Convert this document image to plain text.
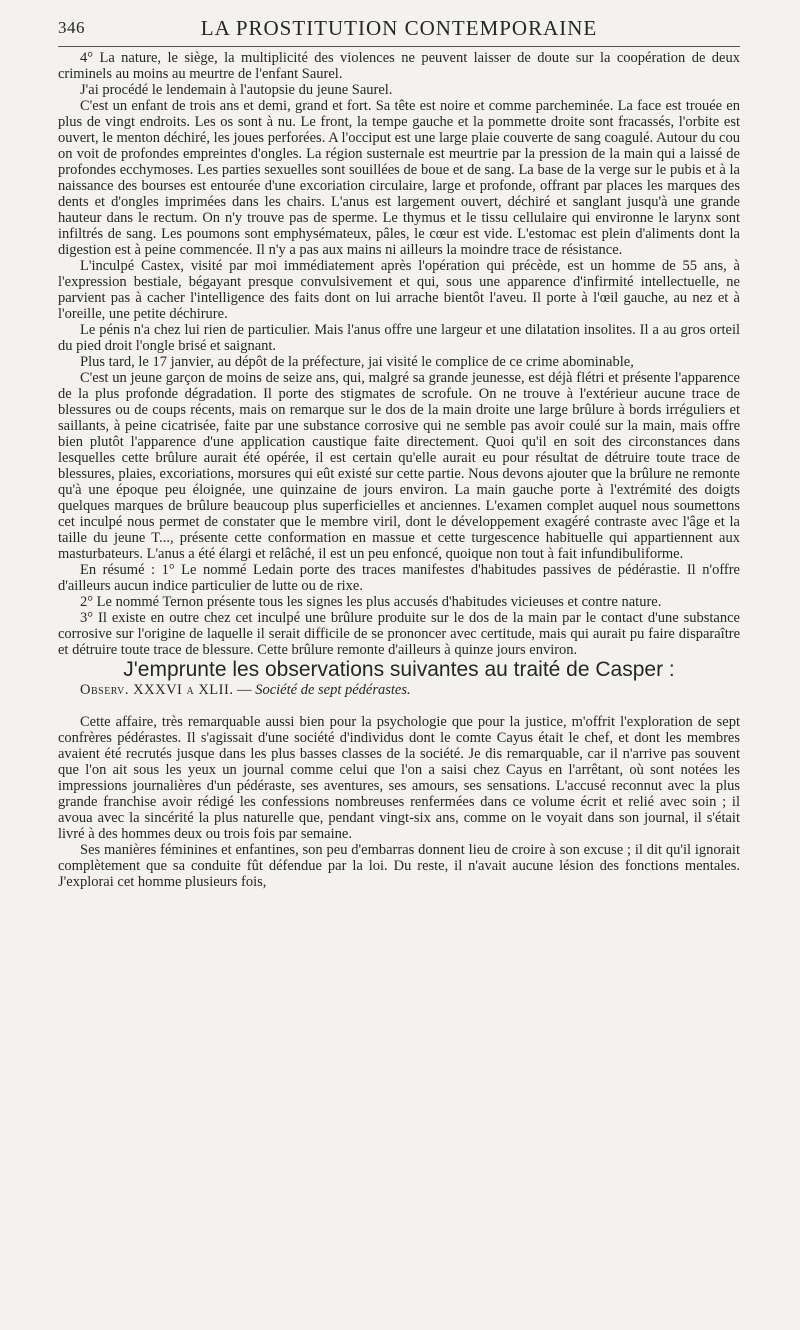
346	LA PROSTITUTION CONTEMPORAINE

4° La nature, le siège, la multiplicité des violences ne peuvent laisser de doute sur la coopération de deux criminels au moins au meurtre de l'enfant Saurel.

J'ai procédé le lendemain à l'autopsie du jeune Saurel.

C'est un enfant de trois ans et demi, grand et fort. Sa tête est noire et comme parcheminée. La face est trouée en plus de vingt endroits. Les os sont à nu. Le front, la tempe gauche et la pommette droite sont fracassés, l'orbite est ouvert, le menton déchiré, les joues perforées. A l'occiput est une large plaie couverte de sang coagulé. Autour du cou on voit de profondes empreintes d'ongles. La région susternale est meurtrie par la pression de la main qui a laissé de profondes ecchymoses. Les parties sexuelles sont souillées de boue et de sang. La base de la verge sur le pubis et à la naissance des bourses est entourée d'une excoriation circulaire, large et profonde, offrant par places les marques des dents et d'ongles imprimées dans les chairs. L'anus est largement ouvert, déchiré et sanglant jusqu'à une grande hauteur dans le rectum. On n'y trouve pas de sperme. Le thymus et le tissu cellulaire qui environne le larynx sont infiltrés de sang. Les poumons sont emphysémateux, pâles, le cœur est vide. L'estomac est plein d'aliments dont la digestion est à peine commencée. Il n'y a pas aux mains ni ailleurs la moindre trace de résistance.

L'inculpé Castex, visité par moi immédiatement après l'opération qui précède, est un homme de 55 ans, à l'expression bestiale, bégayant presque convulsivement et qui, sous une apparence d'infirmité intellectuelle, ne parvient pas à cacher l'intelligence des faits dont on lui arrache bientôt l'aveu. Il porte à l'œil gauche, au nez et à l'oreille, une petite déchirure.

Le pénis n'a chez lui rien de particulier. Mais l'anus offre une largeur et une dilatation insolites. Il a au gros orteil du pied droit l'ongle brisé et saignant.

Plus tard, le 17 janvier, au dépôt de la préfecture, jai visité le complice de ce crime abominable,

C'est un jeune garçon de moins de seize ans, qui, malgré sa grande jeunesse, est déjà flétri et présente l'apparence de la plus profonde dégradation. Il porte des stigmates de scrofule. On ne trouve à l'extérieur aucune trace de blessures ou de coups récents, mais on remarque sur le dos de la main droite une large brûlure à bords irréguliers et saillants, à peine cicatrisée, faite par une substance corrosive qui ne semble pas avoir coulé sur la main, mais offre bien plutôt l'apparence d'une application caustique faite directement. Quoi qu'il en soit des circonstances dans lesquelles cette brûlure aurait été opérée, il est certain qu'elle aurait eu pour résultat de détruire toute trace de blessures, plaies, excoriations, morsures qui eût existé sur cette partie. Nous devons ajouter que la brûlure ne remonte qu'à une époque peu éloignée, une quinzaine de jours environ. La main gauche porte à l'extrémité des doigts quelques marques de brûlure beaucoup plus superficielles et anciennes. L'examen complet auquel nous soumettons cet inculpé nous permet de constater que le membre viril, dont le développement exagéré contraste avec l'âge et la taille du jeune T..., présente cette conformation en massue et cette turgescence habituelle qui appartiennent aux masturbateurs. L'anus a été élargi et relâché, il est un peu enfoncé, quoique non tout à fait infundibuliforme.

En résumé : 1° Le nommé Ledain porte des traces manifestes d'habitudes passives de pédérastie. Il n'offre d'ailleurs aucun indice particulier de lutte ou de rixe.

2° Le nommé Ternon présente tous les signes les plus accusés d'habitudes vicieuses et contre nature.

3° Il existe en outre chez cet inculpé une brûlure produite sur le dos de la main par le contact d'une substance corrosive sur l'origine de laquelle il serait difficile de se prononcer avec certitude, mais qui aurait pu faire disparaître et détruire toute trace de blessure. Cette brûlure remonte d'ailleurs à quinze jours environ.

J'emprunte les observations suivantes au traité de Casper :

Observ. XXXVI a XLII. — Société de sept pédérastes.

Cette affaire, très remarquable aussi bien pour la psychologie que pour la justice, m'offrit l'exploration de sept confrères pédérastes. Il s'agissait d'une société d'individus dont le comte Cayus était le chef, et dont les membres avaient été recrutés jusque dans les plus basses classes de la société. Je dis remarquable, car il n'arrive pas souvent que l'on ait sous les yeux un journal comme celui que l'on a saisi chez Cayus en l'arrêtant, où sont notées les impressions journalières d'un pédéraste, ses aventures, ses amours, ses sensations. L'accusé reconnut avec la plus grande franchise avoir rédigé les confessions nombreuses renfermées dans ce volume écrit et relié avec soin ; il avoua avec la sincérité la plus naturelle que, pendant vingt-six ans, comme on le voyait dans son journal, il s'était livré à des hommes deux ou trois fois par semaine.

Ses manières féminines et enfantines, son peu d'embarras donnent lieu de croire à son excuse ; il dit qu'il ignorait complètement que sa conduite fût défendue par la loi. Du reste, il n'avait aucune lésion des fonctions mentales. J'explorai cet homme plusieurs fois,
